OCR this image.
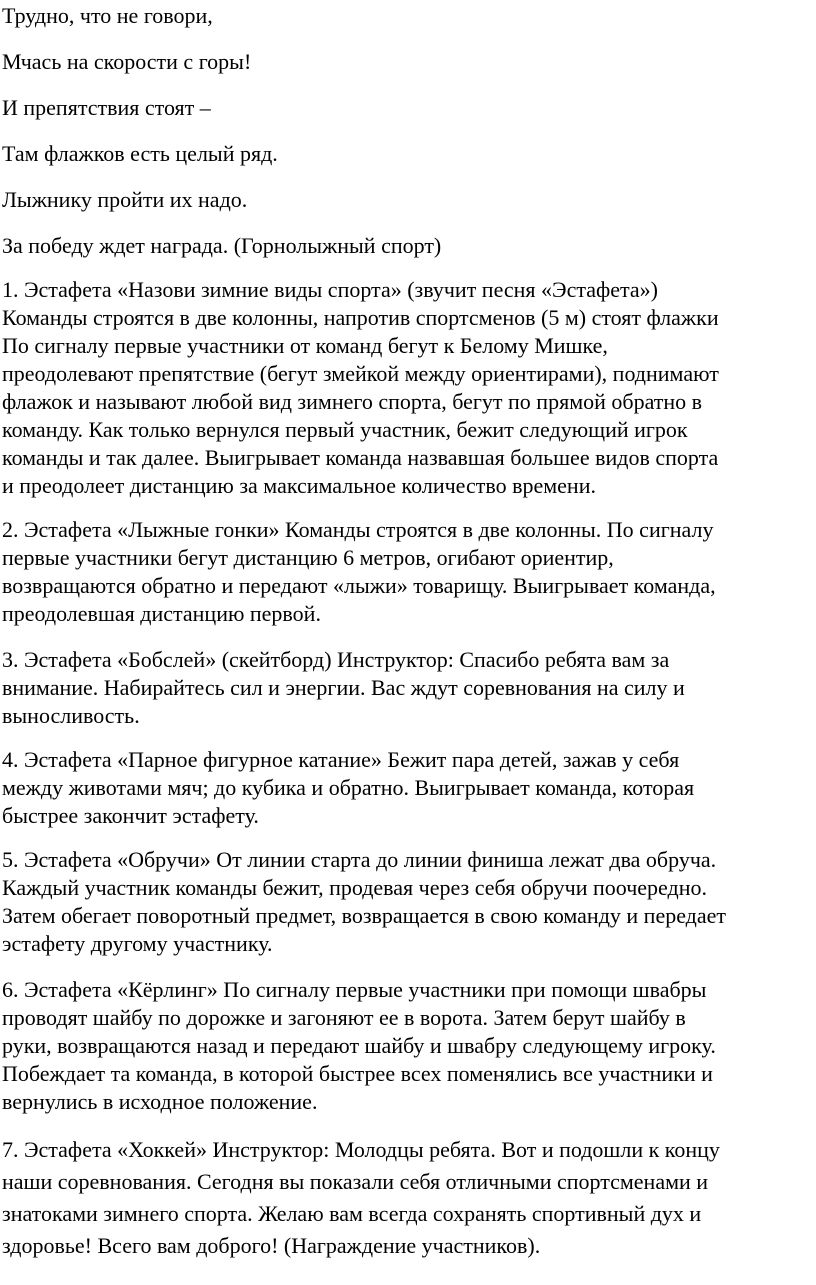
Трудно, что не говори,

Мчась на скорости с горы!

И препятствия стоят –

Там флажков есть целый ряд.

Лыжнику пройти их надо.

За победу ждет награда. (Горнолыжный спорт)

1. Эстафета «Назови зимние виды спорта» (звучит песня «Эстафета»)

Команды строятся в две колонны, напротив спортсменов (5 м) стоят флажки

По сигналу первые участники от команд бегут к Белому Мишке,

преодолевают препятствие (бегут змейкой между ориентирами), поднимают

флажок и называют любой вид зимнего спорта, бегут по прямой обратно в

команду. Как только вернулся первый участник, бежит следующий игрок

команды и так далее. Выигрывает команда назвавшая большее видов спорта

и преодолеет дистанцию за максимальное количество времени.

2. Эстафета «Лыжные гонки» Команды строятся в две колонны. По сигналу

первые участники бегут дистанцию 6 метров, огибают ориентир,

возвращаются обратно и передают «лыжи» товарищу. Выигрывает команда,

преодолевшая дистанцию первой.

3. Эстафета «Бобслей» (скейтборд) Инструктор: Спасибо ребята вам за

внимание. Набирайтесь сил и энергии. Вас ждут соревнования на силу и

выносливость.

4. Эстафета «Парное фигурное катание» Бежит пара детей, зажав у себя

между животами мяч; до кубика и обратно. Выигрывает команда, которая

быстрее закончит эстафету.

5. Эстафета «Обручи» От линии старта до линии финиша лежат два обруча.

Каждый участник команды бежит, продевая через себя обручи поочередно.

Затем обегает поворотный предмет, возвращается в свою команду и передает

эстафету другому участнику.

6. Эстафета «Кёрлинг» По сигналу первые участники при помощи швабры

проводят шайбу по дорожке и загоняют ее в ворота. Затем берут шайбу в

руки, возвращаются назад и передают шайбу и швабру следующему игроку.

Побеждает та команда, в которой быстрее всех поменялись все участники и

вернулись в исходное положение.

7. Эстафета «Хоккей» Инструктор: Молодцы ребята. Вот и подошли к концу

наши соревнования. Сегодня вы показали себя отличными спортсменами и

знатоками зимнего спорта. Желаю вам всегда сохранять спортивный дух и

здоровье! Всего вам доброго! (Награждение участников).
